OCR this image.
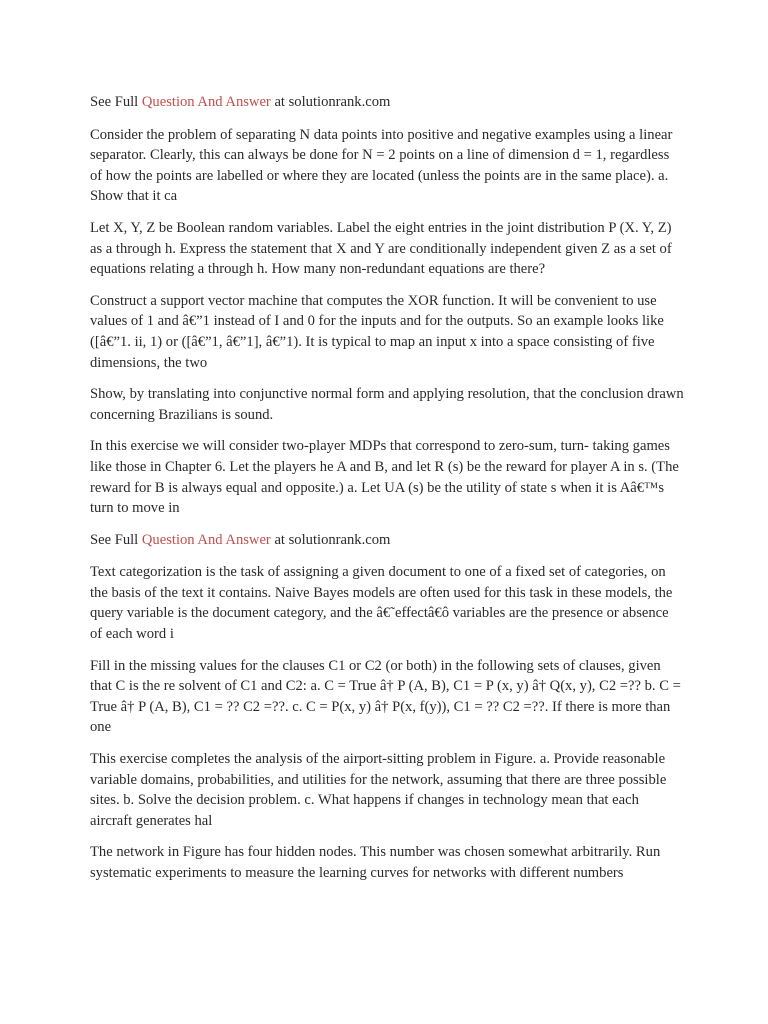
See Full Question And Answer at solutionrank.com

Consider the problem of separating N data points into positive and negative examples using a linear separator. Clearly, this can always be done for N = 2 points on a line of dimension d = 1, regardless of how the points are labelled or where they are located (unless the points are in the same place). a. Show that it ca

Let X, Y, Z be Boolean random variables. Label the eight entries in the joint distribution P (X. Y, Z) as a through h. Express the statement that X and Y are conditionally independent given Z as a set of equations relating a through h. How many non-redundant equations are there?

Construct a support vector machine that computes the XOR function. It will be convenient to use values of 1 and â€”1 instead of I and 0 for the inputs and for the outputs. So an example looks like ([â€”1. ii, 1) or ([â€”1, â€”1], â€”1). It is typical to map an input x into a space consisting of five dimensions, the two

Show, by translating into conjunctive normal form and applying resolution, that the conclusion drawn concerning Brazilians is sound.

In this exercise we will consider two-player MDPs that correspond to zero-sum, turn- taking games like those in Chapter 6. Let the players he A and B, and let R (s) be the reward for player A in s. (The reward for B is always equal and opposite.) a. Let UA (s) be the utility of state s when it is Aâ€™s turn to move in

See Full Question And Answer at solutionrank.com

Text categorization is the task of assigning a given document to one of a fixed set of categories, on the basis of the text it contains. Naive Bayes models are often used for this task in these models, the query variable is the document category, and the â€˜effectâ€ô variables are the presence or absence of each word i

Fill in the missing values for the clauses C1 or C2 (or both) in the following sets of clauses, given that C is the re solvent of C1 and C2: a. C = True â† P (A, B), C1 = P (x, y) â† Q(x, y), C2 =?? b. C = True â† P (A, B), C1 = ?? C2 =??. c. C = P(x, y) â† P(x, f(y)), C1 = ?? C2 =??. If there is more than one

This exercise completes the analysis of the airport-sitting problem in Figure. a. Provide reasonable variable domains, probabilities, and utilities for the network, assuming that there are three possible sites. b. Solve the decision problem. c. What happens if changes in technology mean that each aircraft generates hal

The network in Figure has four hidden nodes. This number was chosen somewhat arbitrarily. Run systematic experiments to measure the learning curves for networks with different numbers
